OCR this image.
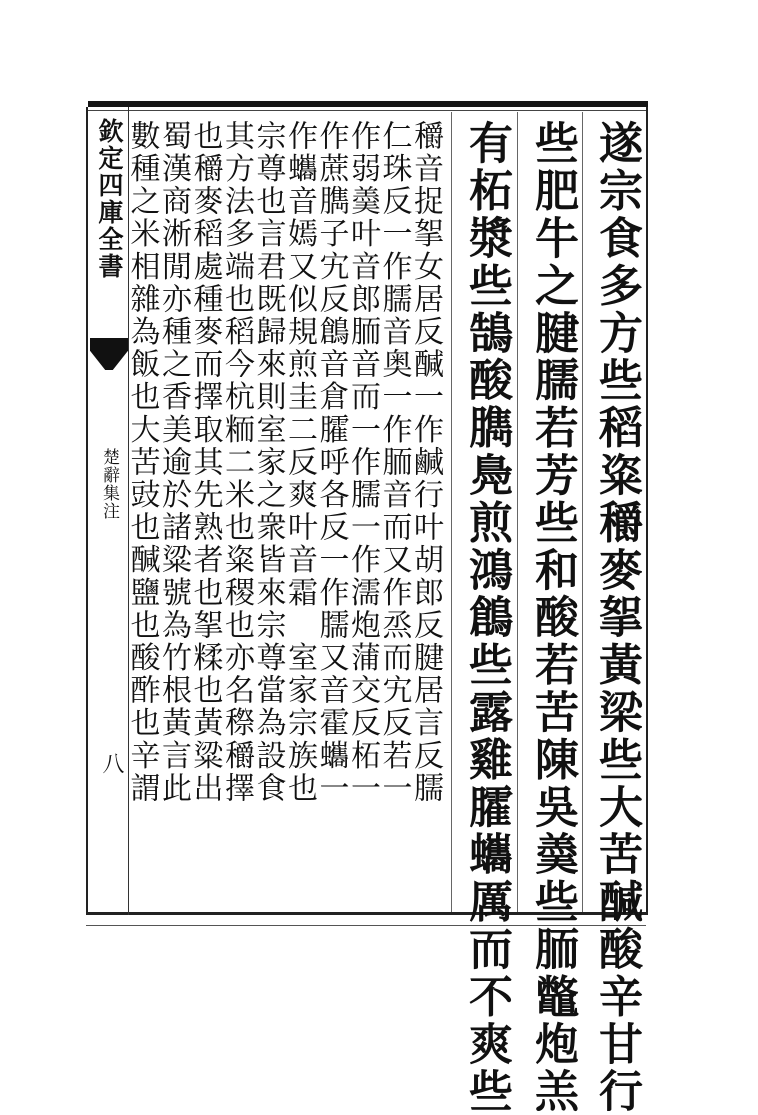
欽定四庫全書
楚辭集注
八	遂宗食多方些稻粢穱麥挐黃梁些大苦醎酸辛甘行
些肥牛之腱臑若芳些和酸若苦陳吳羮些胹鼈炮羔
有柘漿些鵠酸臇鳧煎鴻鶬些露雞臛蠵厲而不爽些
穱音捉挐女居反醎一作鹹行叶胡郎反腱居言反臑
仁珠反一作臑音奥一作胹音而又作烝而宄反若一
作弱羮叶音郎胹音而一作臑一作濡炮蒲交反柘一
作蔗臇子宄反鶬音倉臛呼各反一作臑又音霍蠵一
作蠵音嫣又似規煎圭二反爽叶音霜　室家宗族也
宗尊也言君既歸來則室家之衆皆來宗尊當為設食
其方法多端也稻今杭粫二米也粢稷也亦名穄穱擇
也穱麥稻處種麥而擇取其先熟者也挐糅也黃粱出
蜀漢商淅閒亦種之香美逾於諸粱號為竹根黃言此
數種之米相雜為飯也大苦豉也醎鹽也酸酢也辛謂
